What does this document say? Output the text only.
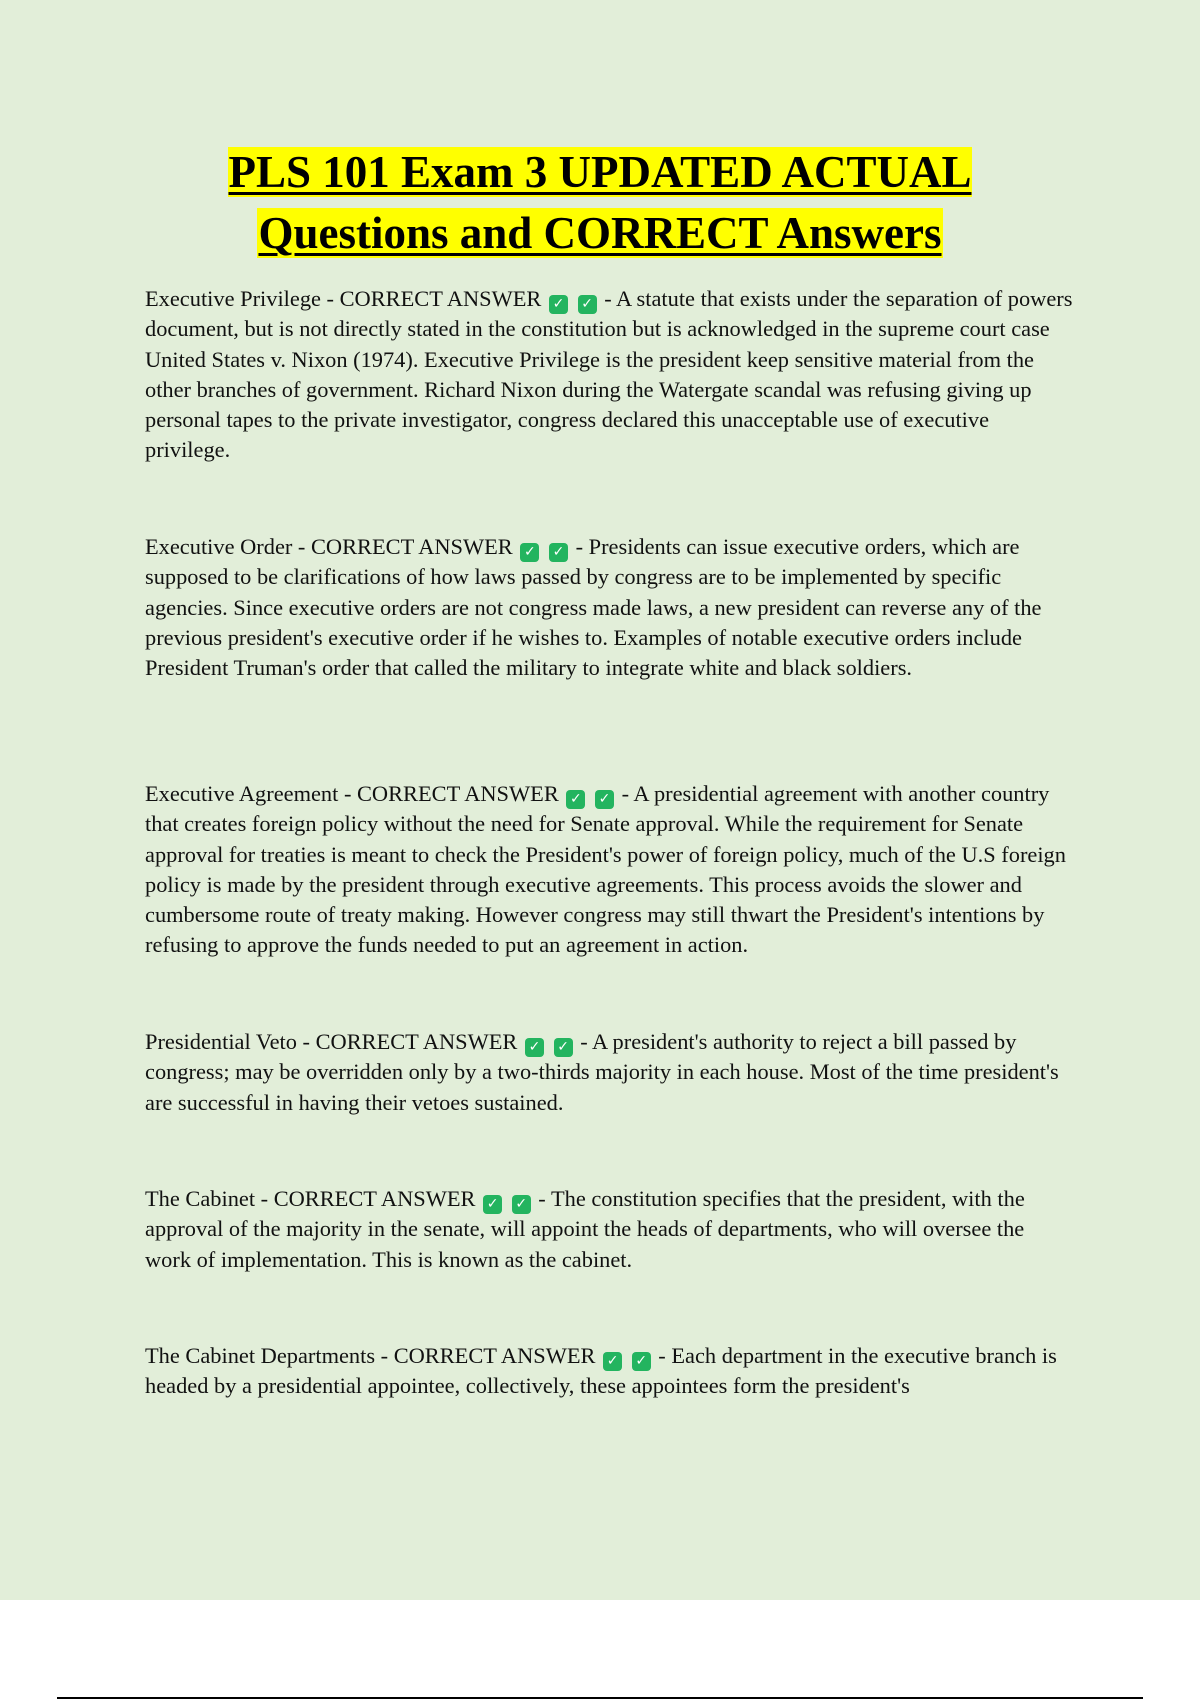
PLS 101 Exam 3 UPDATED ACTUAL
Questions and CORRECT Answers

Executive Privilege - CORRECT ANSWER ✓ ✓ - A statute that exists under the separation of powers document, but is not directly stated in the constitution but is acknowledged in the supreme court case United States v. Nixon (1974). Executive Privilege is the president keep sensitive material from the other branches of government. Richard Nixon during the Watergate scandal was refusing giving up personal tapes to the private investigator, congress declared this unacceptable use of executive privilege.

Executive Order - CORRECT ANSWER ✓ ✓ - Presidents can issue executive orders, which are supposed to be clarifications of how laws passed by congress are to be implemented by specific agencies. Since executive orders are not congress made laws, a new president can reverse any of the previous president's executive order if he wishes to. Examples of notable executive orders include President Truman's order that called the military to integrate white and black soldiers.

Executive Agreement - CORRECT ANSWER ✓ ✓ - A presidential agreement with another country that creates foreign policy without the need for Senate approval. While the requirement for Senate approval for treaties is meant to check the President's power of foreign policy, much of the U.S foreign policy is made by the president through executive agreements. This process avoids the slower and cumbersome route of treaty making. However congress may still thwart the President's intentions by refusing to approve the funds needed to put an agreement in action.

Presidential Veto - CORRECT ANSWER ✓ ✓ - A president's authority to reject a bill passed by congress; may be overridden only by a two-thirds majority in each house. Most of the time president's are successful in having their vetoes sustained.

The Cabinet - CORRECT ANSWER ✓ ✓ - The constitution specifies that the president, with the approval of the majority in the senate, will appoint the heads of departments, who will oversee the work of implementation. This is known as the cabinet.

The Cabinet Departments - CORRECT ANSWER ✓ ✓ - Each department in the executive branch is headed by a presidential appointee, collectively, these appointees form the president's
